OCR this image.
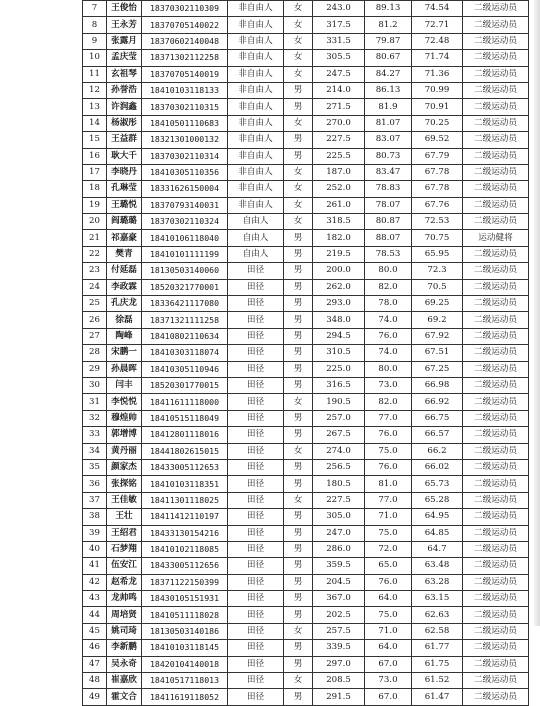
7	王俊怡	18370302110309	非自由人	女	243.0	89.13	74.54	二级运动员
8	王永芳	18370705140022	非自由人	女	317.5	81.2	72.71	二级运动员
9	张露月	18370602140048	非自由人	女	331.5	79.87	72.48	二级运动员
10	孟庆莹	18371302112258	非自由人	女	305.5	80.67	71.74	二级运动员
11	玄祖琴	18370705140019	非自由人	女	247.5	84.27	71.36	二级运动员
12	孙誉浩	18410103118133	非自由人	男	214.0	86.13	70.99	二级运动员
13	许润鑫	18370302110315	非自由人	男	271.5	81.9	70.91	二级运动员
14	杨淑彤	18410501110683	非自由人	女	270.0	81.07	70.25	二级运动员
15	王益群	18321301000132	非自由人	男	227.5	83.07	69.52	二级运动员
16	耿大千	18370302110314	非自由人	男	225.5	80.73	67.79	二级运动员
17	李晓丹	18410305110356	非自由人	女	187.0	83.47	67.78	二级运动员
18	孔琳莹	18331626150004	非自由人	女	252.0	78.83	67.78	二级运动员
19	王璐悦	18370793140031	非自由人	女	261.0	78.07	67.76	二级运动员
20	阎璐璐	18370302110324	自由人	女	318.5	80.87	72.53	二级运动员
21	祁嘉豪	18410106118040	自由人	男	182.0	88.07	70.75	运动健将
22	樊青	18410101111199	自由人	男	219.5	78.53	65.95	二级运动员
23	付延磊	18130503140060	田径	男	200.0	80.0	72.3	二级运动员
24	李政霖	18520321770001	田径	男	262.0	82.0	70.5	二级运动员
25	孔庆龙	18336421117080	田径	男	293.0	78.0	69.25	二级运动员
26	徐磊	18371321111258	田径	男	348.0	74.0	69.2	二级运动员
27	陶峰	18410802110634	田径	男	294.5	76.0	67.92	二级运动员
28	宋鹏一	18410303118074	田径	男	310.5	74.0	67.51	二级运动员
29	孙晨晖	18410305110946	田径	男	225.0	80.0	67.25	二级运动员
30	闫丰	18520301770015	田径	男	316.5	73.0	66.98	二级运动员
31	李悦悦	18411611118000	田径	女	190.5	82.0	66.92	二级运动员
32	穆煌帅	18410515118049	田径	男	257.0	77.0	66.75	二级运动员
33	郭增博	18412801118016	田径	男	267.5	76.0	66.57	二级运动员
34	黄丹丽	18441802615015	田径	女	274.0	75.0	66.2	二级运动员
35	颜家杰	18433005112653	田径	男	256.5	76.0	66.02	二级运动员
36	张探铭	18410103118351	田径	男	180.5	81.0	65.73	二级运动员
37	王佳敏	18411301118025	田径	女	227.5	77.0	65.28	二级运动员
38	王壮	18411412110197	田径	男	305.0	71.0	64.95	二级运动员
39	王绍君	18433130154216	田径	男	247.0	75.0	64.85	二级运动员
40	石梦翔	18410102118085	田径	男	286.0	72.0	64.7	二级运动员
41	伍安江	18433005112656	田径	男	359.5	65.0	63.48	二级运动员
42	赵希龙	18371122150399	田径	男	204.5	76.0	63.28	二级运动员
43	龙帅鸣	18430105151931	田径	男	367.0	64.0	63.15	二级运动员
44	周培贤	18410511118028	田径	男	202.5	75.0	62.63	二级运动员
45	姚司琦	18130503140186	田径	女	257.5	71.0	62.58	二级运动员
46	李新鹏	18410103118145	田径	男	339.5	64.0	61.77	二级运动员
47	吴永奇	18420104140018	田径	男	297.0	67.0	61.75	二级运动员
48	崔嘉欣	18410517118013	田径	女	208.5	73.0	61.52	二级运动员
49	霍文合	18411619118052	田径	男	291.5	67.0	61.47	二级运动员
